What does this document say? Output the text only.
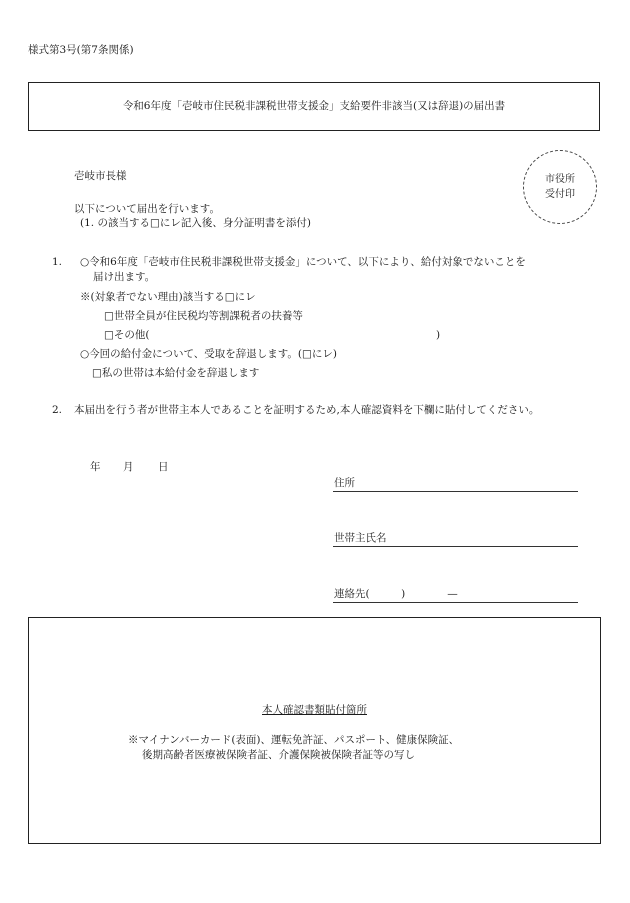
様式第3号(第7条関係)
令和6年度「壱岐市住民税非課税世帯支援金」支給要件非該当(又は辞退)の届出書
市役所
受付印
壱岐市長様
以下について届出を行います。
(1. の該当する□にレ記入後、身分証明書を添付)
1. ○令和6年度「壱岐市住民税非課税世帯支援金」について、以下により、給付対象でないことを
届け出ます。
※(対象者でない理由)該当する□にレ
□世帯全員が住民税均等割課税者の扶養等
□その他(	)
○今回の給付金について、受取を辞退します。(□にレ)
□私の世帯は本給付金を辞退します
2. 本届出を行う者が世帯主本人であることを証明するため,本人確認資料を下欄に貼付してください。
年 月 日
住所
世帯主氏名
連絡先(　　　)　　　　—
本人確認書類貼付箇所
※マイナンバーカード(表面)、運転免許証、パスポート、健康保険証、
後期高齢者医療被保険者証、介護保険被保険者証等の写し
